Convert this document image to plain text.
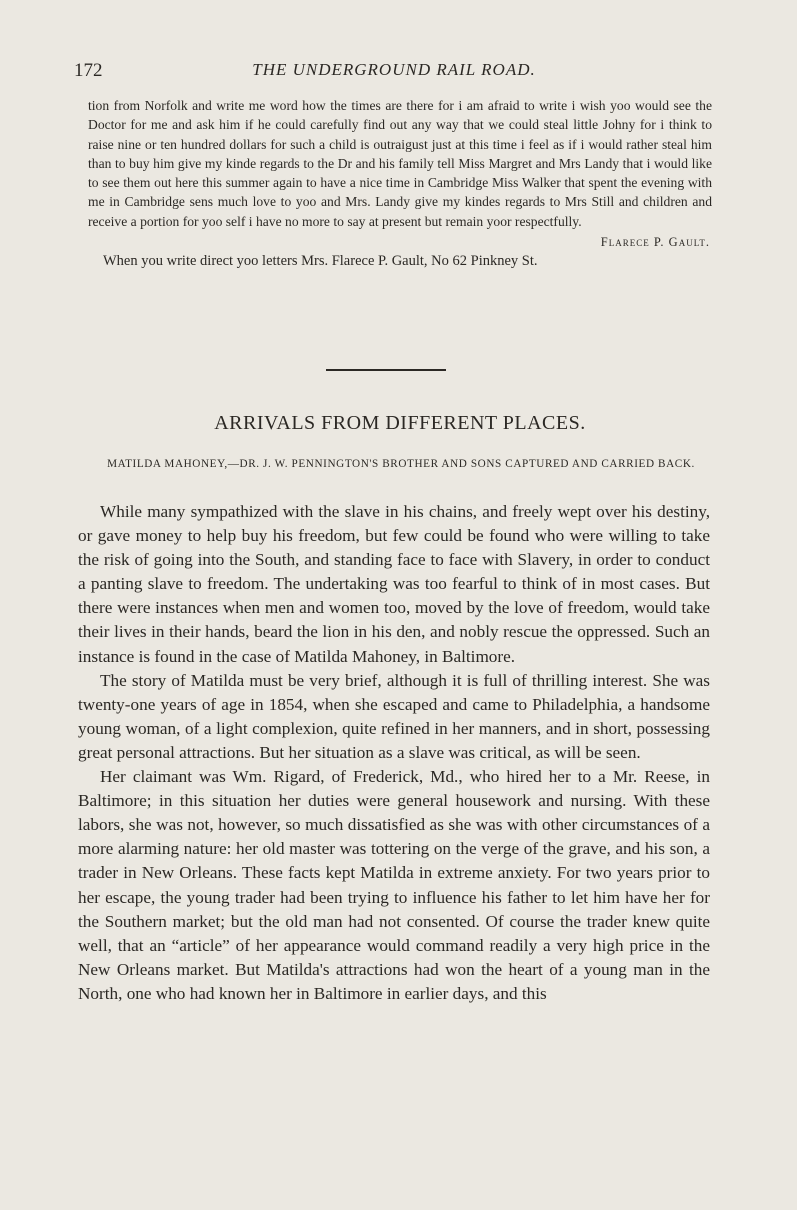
172	THE UNDERGROUND RAIL ROAD.

tion from Norfolk and write me word how the times are there for i am afraid to write i wish yoo would see the Doctor for me and ask him if he could carefully find out any way that we could steal little Johny for i think to raise nine or ten hundred dollars for such a child is outraigust just at this time i feel as if i would rather steal him than to buy him give my kinde regards to the Dr and his family tell Miss Margret and Mrs Landy that i would like to see them out here this summer again to have a nice time in Cambridge Miss Walker that spent the evening with me in Cambridge sens much love to yoo and Mrs. Landy give my kindes regards to Mrs Still and children and receive a portion for yoo self i have no more to say at present but remain yoor respectfully.

Flarece P. Gault.
When you write direct yoo letters Mrs. Flarece P. Gault, No 62 Pinkney St.
ARRIVALS FROM DIFFERENT PLACES.
MATILDA MAHONEY,—DR. J. W. PENNINGTON'S BROTHER AND SONS CAPTURED AND CARRIED BACK.

While many sympathized with the slave in his chains, and freely wept over his destiny, or gave money to help buy his freedom, but few could be found who were willing to take the risk of going into the South, and standing face to face with Slavery, in order to conduct a panting slave to freedom. The undertaking was too fearful to think of in most cases. But there were instances when men and women too, moved by the love of freedom, would take their lives in their hands, beard the lion in his den, and nobly rescue the oppressed. Such an instance is found in the case of Matilda Mahoney, in Baltimore.

The story of Matilda must be very brief, although it is full of thrilling interest. She was twenty-one years of age in 1854, when she escaped and came to Philadelphia, a handsome young woman, of a light complexion, quite refined in her manners, and in short, possessing great personal attractions. But her situation as a slave was critical, as will be seen.

Her claimant was Wm. Rigard, of Frederick, Md., who hired her to a Mr. Reese, in Baltimore; in this situation her duties were general housework and nursing. With these labors, she was not, however, so much dissatisfied as she was with other circumstances of a more alarming nature: her old master was tottering on the verge of the grave, and his son, a trader in New Orleans. These facts kept Matilda in extreme anxiety. For two years prior to her escape, the young trader had been trying to influence his father to let him have her for the Southern market; but the old man had not consented. Of course the trader knew quite well, that an “article” of her appearance would command readily a very high price in the New Orleans market. But Matilda's attractions had won the heart of a young man in the North, one who had known her in Baltimore in earlier days, and this
